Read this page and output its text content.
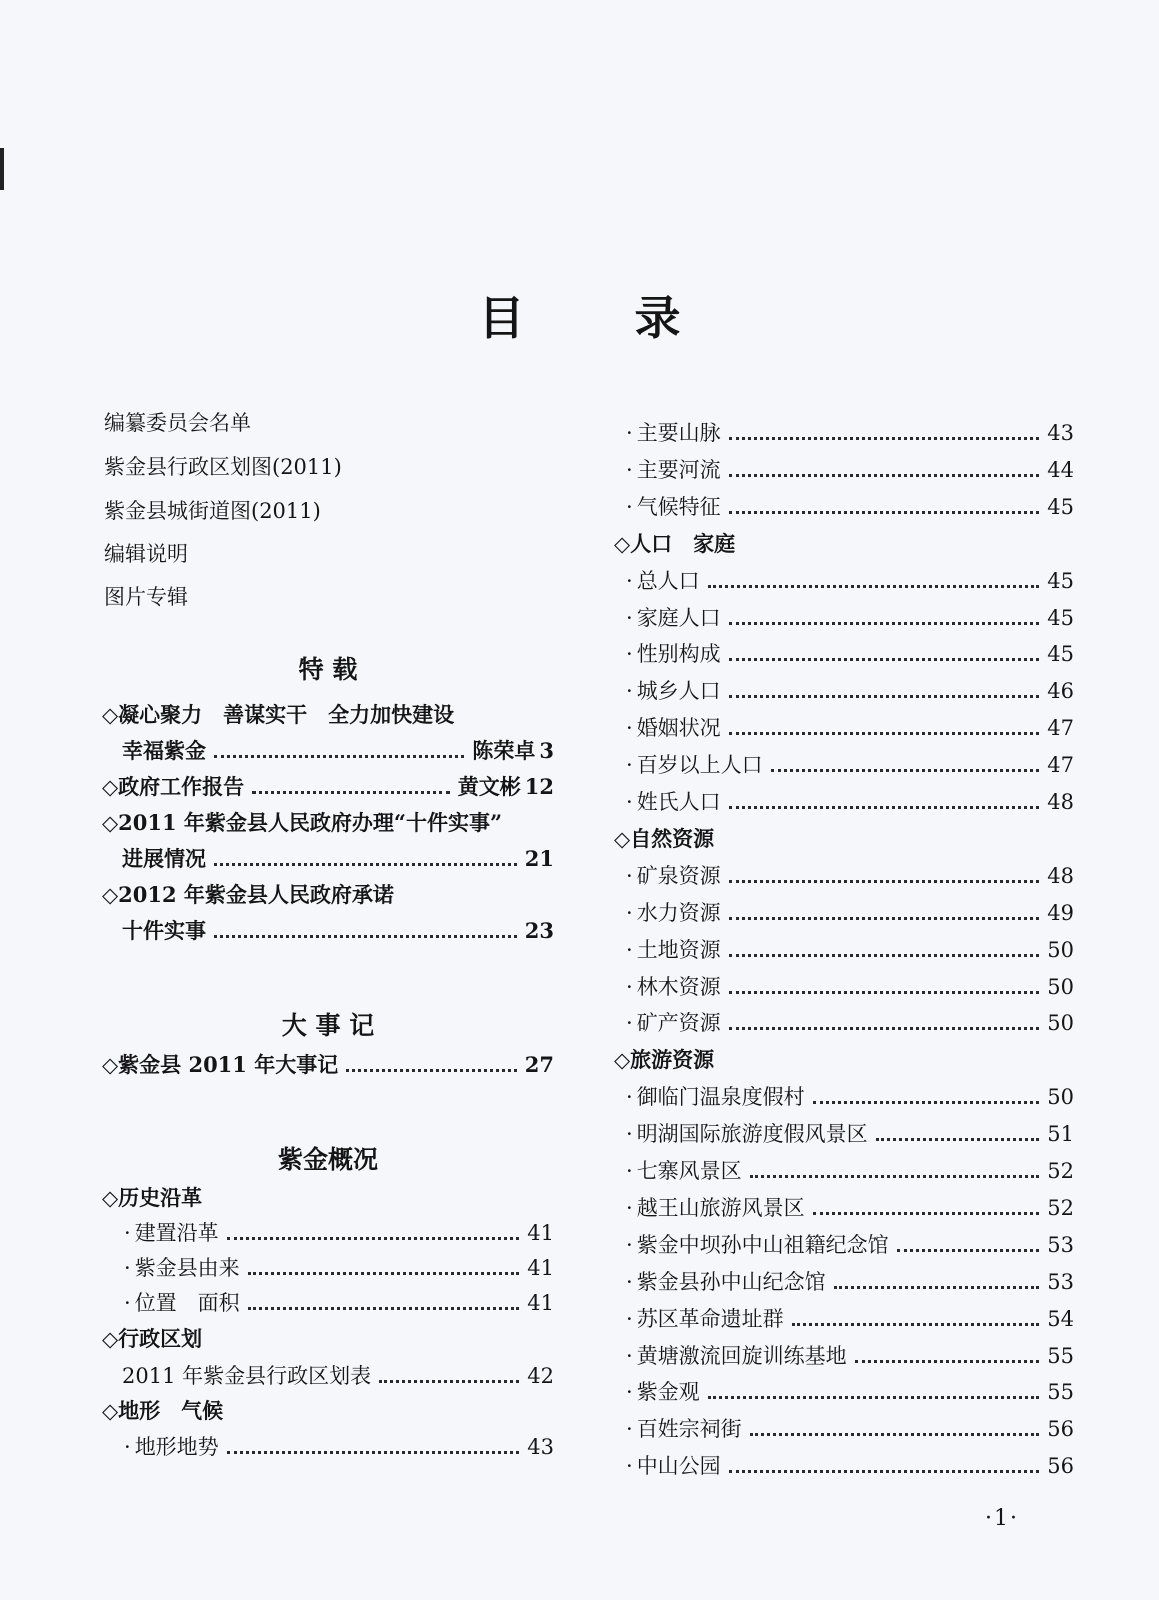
目录
编纂委员会名单
紫金县行政区划图(2011)
紫金县城街道图(2011)
编辑说明
图片专辑
特 载
◇凝心聚力　善谋实干　全力加快建设
幸福紫金	陈荣卓 3
◇政府工作报告	黄文彬 12
◇2011 年紫金县人民政府办理“十件实事”
进展情况	21
◇2012 年紫金县人民政府承诺
十件实事	23
大 事 记
◇紫金县 2011 年大事记	27
紫金概况
◇历史沿革
· 建置沿革	41
· 紫金县由来	41
· 位置　面积	41
◇行政区划
2011 年紫金县行政区划表	42
◇地形　气候
· 地形地势	43
· 主要山脉	43
· 主要河流	44
· 气候特征	45
◇人口　家庭
· 总人口	45
· 家庭人口	45
· 性别构成	45
· 城乡人口	46
· 婚姻状况	47
· 百岁以上人口	47
· 姓氏人口	48
◇自然资源
· 矿泉资源	48
· 水力资源	49
· 土地资源	50
· 林木资源	50
· 矿产资源	50
◇旅游资源
· 御临门温泉度假村	50
· 明湖国际旅游度假风景区	51
· 七寨风景区	52
· 越王山旅游风景区	52
· 紫金中坝孙中山祖籍纪念馆	53
· 紫金县孙中山纪念馆	53
· 苏区革命遗址群	54
· 黄塘激流回旋训练基地	55
· 紫金观	55
· 百姓宗祠街	56
· 中山公园	56
·1·
